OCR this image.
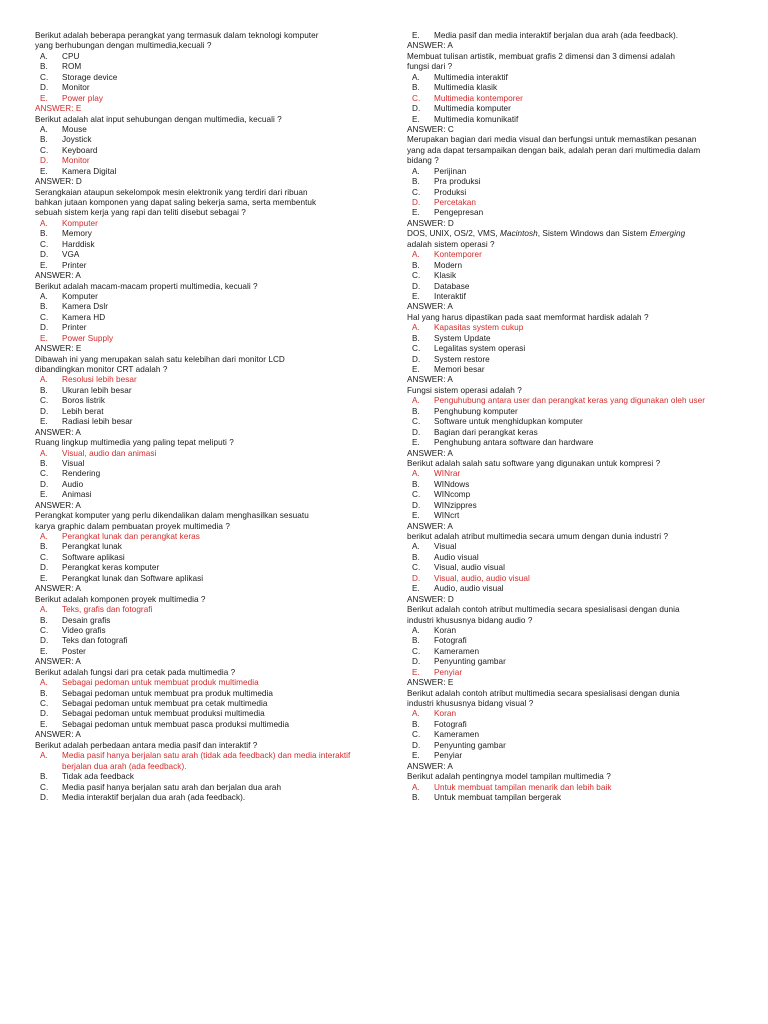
Berikut adalah beberapa perangkat yang termasuk dalam teknologi komputer
yang berhubungan dengan multimedia,kecuali ?
A.	CPU
B.	ROM
C.	Storage device
D.	Monitor
E.	Power play
ANSWER: E
Berikut adalah alat input sehubungan dengan multimedia, kecuali ?
A.	Mouse
B.	Joystick
C.	Keyboard
D.	Monitor
E.	Kamera Digital
ANSWER: D
Serangkaian ataupun sekelompok mesin elektronik yang terdiri dari ribuan
bahkan jutaan komponen yang dapat saling bekerja sama, serta membentuk
sebuah sistem kerja yang rapi dan teliti disebut sebagai ?
A.	Komputer
B.	Memory
C.	Harddisk
D.	VGA
E.	Printer
ANSWER: A
Berikut adalah macam-macam properti multimedia, kecuali ?
A.	Komputer
B.	Kamera Dslr
C.	Kamera HD
D.	Printer
E.	Power Supply
ANSWER: E
Dibawah ini yang merupakan salah satu kelebihan dari monitor LCD
dibandingkan monitor CRT adalah ?
A.	Resolusi lebih besar
B.	Ukuran lebih besar
C.	Boros listrik
D.	Lebih berat
E.	Radiasi lebih besar
ANSWER: A
Ruang lingkup multimedia yang paling tepat meliputi ?
A.	Visual, audio dan animasi
B.	Visual
C.	Rendering
D.	Audio
E.	Animasi
ANSWER: A
Perangkat komputer yang perlu dikendalikan dalam menghasilkan sesuatu
karya graphic dalam pembuatan proyek multimedia ?
A.	Perangkat lunak dan perangkat keras
B.	Perangkat lunak
C.	Software aplikasi
D.	Perangkat keras komputer
E.	Perangkat lunak dan Software aplikasi
ANSWER: A
Berikut adalah komponen proyek multimedia ?
A.	Teks, grafis dan fotografi
B.	Desain grafis
C.	Video grafis
D.	Teks dan fotografi
E.	Poster
ANSWER: A
Berikut adalah fungsi dari pra cetak pada multimedia ?
A.	Sebagai pedoman untuk membuat produk multimedia
B.	Sebagai pedoman untuk membuat pra produk multimedia
C.	Sebagai pedoman untuk membuat pra cetak multimedia
D.	Sebagai pedoman untuk membuat produksi multimedia
E.	Sebagai pedoman untuk membuat pasca produksi multimedia
ANSWER: A
Berikut adalah perbedaan antara media pasif dan interaktif ?
A.	Media pasif hanya berjalan satu arah (tidak ada feedback) dan media interaktif berjalan dua arah (ada feedback).
B.	Tidak ada feedback
C.	Media pasif hanya berjalan satu arah dan berjalan dua arah
D.	Media interaktif berjalan dua arah (ada feedback).
E.	Media pasif dan media interaktif berjalan dua arah (ada feedback).
ANSWER: A
Membuat tulisan artistik, membuat grafis 2 dimensi dan 3 dimensi adalah
fungsi dari ?
A.	Multimedia interaktif
B.	Multimedia klasik
C.	Multimedia kontemporer
D.	Multimedia komputer
E.	Multimedia komunikatif
ANSWER: C
Merupakan bagian dari media visual dan berfungsi untuk memastikan pesanan
yang ada dapat tersampaikan dengan baik, adalah peran dari multimedia dalam
bidang ?
A.	Perijinan
B.	Pra produksi
C.	Produksi
D.	Percetakan
E.	Pengepresan
ANSWER: D
DOS, UNIX, OS/2, VMS, Macintosh, Sistem Windows dan Sistem Emerging
adalah sistem operasi ?
A.	Kontemporer
B.	Modern
C.	Klasik
D.	Database
E.	Interaktif
ANSWER: A
Hal yang harus dipastikan pada saat memformat hardisk adalah ?
A.	Kapasitas system cukup
B.	System Update
C.	Legalitas system operasi
D.	System restore
E.	Memori besar
ANSWER: A
Fungsi sistem operasi adalah ?
A.	Penguhubung antara user dan perangkat keras yang digunakan oleh user
B.	Penghubung komputer
C.	Software untuk menghidupkan komputer
D.	Bagian dari perangkat keras
E.	Penghubung antara software dan hardware
ANSWER: A
Berikut adalah salah satu software yang digunakan untuk kompresi ?
A.	WINrar
B.	WINdows
C.	WINcomp
D.	WINzippres
E.	WINcrt
ANSWER: A
berikut adalah atribut multimedia secara umum dengan dunia industri ?
A.	Visual
B.	Audio visual
C.	Visual, audio visual
D.	Visual, audio, audio visual
E.	Audio, audio visual
ANSWER: D
Berikut adalah contoh atribut multimedia secara spesialisasi dengan dunia
industri khususnya bidang audio ?
A.	Koran
B.	Fotografi
C.	Kameramen
D.	Penyunting gambar
E.	Penyiar
ANSWER: E
Berikut adalah contoh atribut multimedia secara spesialisasi dengan dunia
industri khususnya bidang visual ?
A.	Koran
B.	Fotografi
C.	Kameramen
D.	Penyunting gambar
E.	Penyiar
ANSWER: A
Berikut adalah pentingnya model tampilan multimedia ?
A.	Untuk membuat tampilan menarik dan lebih baik
B.	Untuk membuat tampilan bergerak
